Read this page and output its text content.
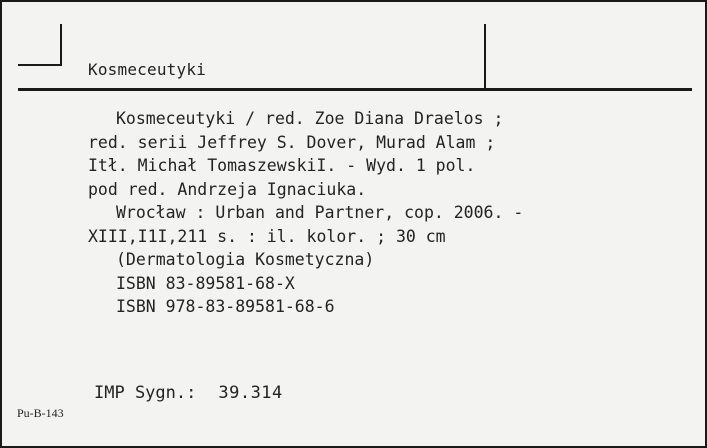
Kosmeceutyki
Kosmeceutyki / red. Zoe Diana Draelos ;
red. serii Jeffrey S. Dover, Murad Alam ;
Itł. Michał TomaszewskiI. - Wyd. 1 pol.
pod red. Andrzeja Ignaciuka.
Wrocław : Urban and Partner, cop. 2006. -
XIII,I1I,211 s. : il. kolor. ; 30 cm
(Dermatologia Kosmetyczna)
ISBN 83-89581-68-X
ISBN 978-83-89581-68-6
IMP Sygn.: 39.314
Pu-B-143
